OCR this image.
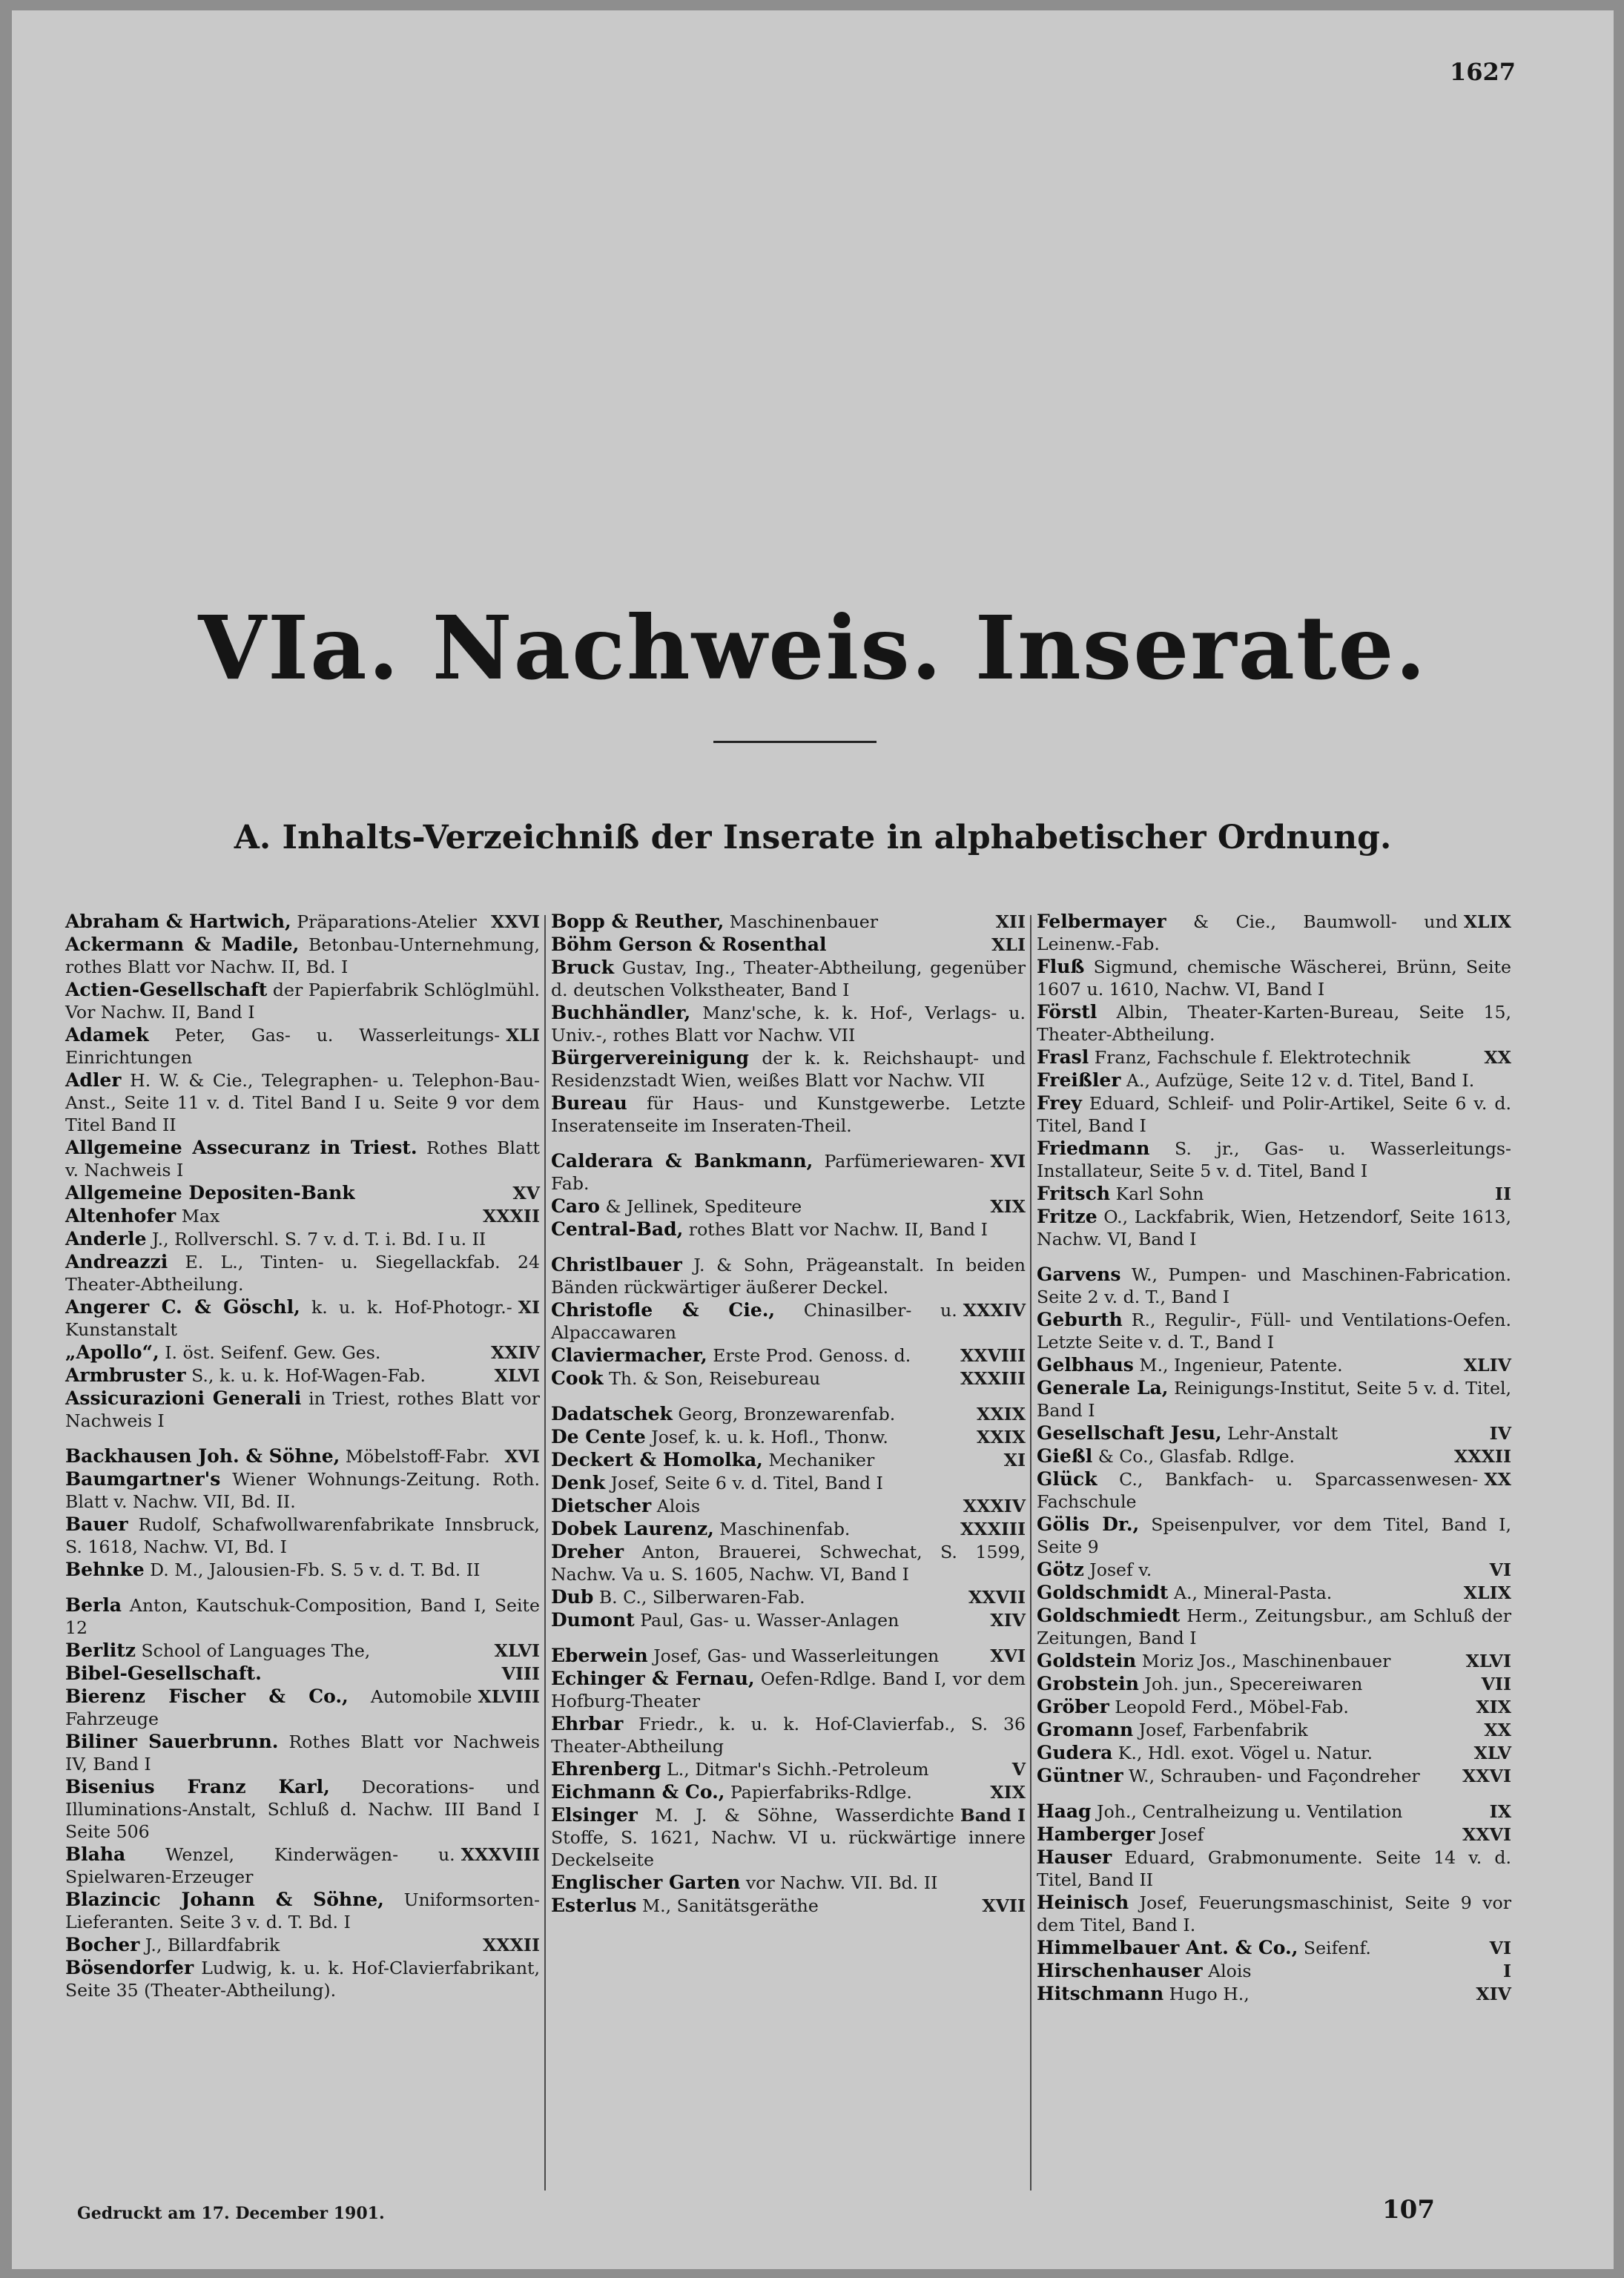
1627
VIa. Nachweis. Inserate.
A. Inhalts-Verzeichniß der Inserate in alphabetischer Ordnung.

XXVI
Abraham & Hartwich, Präparations-Atelier

Ackermann & Madile, Betonbau-Unternehmung, rothes Blatt vor Nachw. II, Bd. I

Actien-Gesellschaft der Papierfabrik Schlöglmühl. Vor Nachw. II, Band I

XLI
Adamek Peter, Gas- u. Wasserleitungs-Einrichtungen

Adler H. W. & Cie., Telegraphen- u. Telephon-Bau-Anst., Seite 11 v. d. Titel Band I u. Seite 9 vor dem Titel Band II

Allgemeine Assecuranz in Triest. Rothes Blatt v. Nachweis I

XV
Allgemeine Depositen-Bank

XXXII
Altenhofer Max

Anderle J., Rollverschl. S. 7 v. d. T. i. Bd. I u. II

Andreazzi E. L., Tinten- u. Siegellackfab. 24 Theater-Abtheilung.

XI
Angerer C. & Göschl, k. u. k. Hof-Photogr.-Kunstanstalt

XXIV
„Apollo“, I. öst. Seifenf. Gew. Ges.

XLVI
Armbruster S., k. u. k. Hof-Wagen-Fab.

Assicurazioni Generali in Triest, rothes Blatt vor Nachweis I

XVI
Backhausen Joh. & Söhne, Möbelstoff-Fabr.

Baumgartner's Wiener Wohnungs-Zeitung. Roth. Blatt v. Nachw. VII, Bd. II.

Bauer Rudolf, Schafwollwarenfabrikate Innsbruck, S. 1618, Nachw. VI, Bd. I

Behnke D. M., Jalousien-Fb. S. 5 v. d. T. Bd. II

Berla Anton, Kautschuk-Composition, Band I, Seite 12

XLVI
Berlitz School of Languages The,

VIII
Bibel-Gesellschaft.

XLVIII
Bierenz Fischer & Co., Automobile Fahrzeuge

Biliner Sauerbrunn. Rothes Blatt vor Nachweis IV, Band I

Bisenius Franz Karl, Decorations- und Illuminations-Anstalt, Schluß d. Nachw. III Band I Seite 506

XXXVIII
Blaha Wenzel, Kinderwägen- u. Spielwaren-Erzeuger

Blazincic Johann & Söhne, Uniformsorten-Lieferanten. Seite 3 v. d. T. Bd. I

XXXII
Bocher J., Billardfabrik

Bösendorfer Ludwig, k. u. k. Hof-Clavierfabrikant, Seite 35 (Theater-Abtheilung).

XII
Bopp & Reuther, Maschinenbauer

XLI
Böhm Gerson & Rosenthal

Bruck Gustav, Ing., Theater-Abtheilung, gegenüber d. deutschen Volkstheater, Band I

Buchhändler, Manz'sche, k. k. Hof-, Verlags- u. Univ.-, rothes Blatt vor Nachw. VII

Bürgervereinigung der k. k. Reichshaupt- und Residenzstadt Wien, weißes Blatt vor Nachw. VII

Bureau für Haus- und Kunstgewerbe. Letzte Inseratenseite im Inseraten-Theil.

XVI
Calderara & Bankmann, Parfümeriewaren-Fab.

XIX
Caro & Jellinek, Spediteure

Central-Bad, rothes Blatt vor Nachw. II, Band I

Christlbauer J. & Sohn, Prägeanstalt. In beiden Bänden rückwärtiger äußerer Deckel.

XXXIV
Christofle & Cie., Chinasilber- u. Alpaccawaren

XXVIII
Claviermacher, Erste Prod. Genoss. d.

XXXIII
Cook Th. & Son, Reisebureau

XXIX
Dadatschek Georg, Bronzewarenfab.

XXIX
De Cente Josef, k. u. k. Hofl., Thonw.

XI
Deckert & Homolka, Mechaniker

Denk Josef, Seite 6 v. d. Titel, Band I

XXXIV
Dietscher Alois

XXXIII
Dobek Laurenz, Maschinenfab.

Dreher Anton, Brauerei, Schwechat, S. 1599, Nachw. Va u. S. 1605, Nachw. VI, Band I

XXVII
Dub B. C., Silberwaren-Fab.

XIV
Dumont Paul, Gas- u. Wasser-Anlagen

XVI
Eberwein Josef, Gas- und Wasserleitungen

Echinger & Fernau, Oefen-Rdlge. Band I, vor dem Hofburg-Theater

Ehrbar Friedr., k. u. k. Hof-Clavierfab., S. 36 Theater-Abtheilung

V
Ehrenberg L., Ditmar's Sichh.-Petroleum

XIX
Eichmann & Co., Papierfabriks-Rdlge.

Band I
Elsinger M. J. & Söhne, Wasserdichte Stoffe, S. 1621, Nachw. VI u. rückwärtige innere Deckelseite

Englischer Garten vor Nachw. VII. Bd. II

XVII
Esterlus M., Sanitätsgeräthe

XLIX
Felbermayer & Cie., Baumwoll- und Leinenw.-Fab.

Fluß Sigmund, chemische Wäscherei, Brünn, Seite 1607 u. 1610, Nachw. VI, Band I

Förstl Albin, Theater-Karten-Bureau, Seite 15, Theater-Abtheilung.

XX
Frasl Franz, Fachschule f. Elektrotechnik

Freißler A., Aufzüge, Seite 12 v. d. Titel, Band I.

Frey Eduard, Schleif- und Polir-Artikel, Seite 6 v. d. Titel, Band I

Friedmann S. jr., Gas- u. Wasserleitungs-Installateur, Seite 5 v. d. Titel, Band I

II
Fritsch Karl Sohn

Fritze O., Lackfabrik, Wien, Hetzendorf, Seite 1613, Nachw. VI, Band I

Garvens W., Pumpen- und Maschinen-Fabrication. Seite 2 v. d. T., Band I

Geburth R., Regulir-, Füll- und Ventilations-Oefen. Letzte Seite v. d. T., Band I

XLIV
Gelbhaus M., Ingenieur, Patente.

Generale La, Reinigungs-Institut, Seite 5 v. d. Titel, Band I

IV
Gesellschaft Jesu, Lehr-Anstalt

XXXII
Gießl & Co., Glasfab. Rdlge.

XX
Glück C., Bankfach- u. Sparcassenwesen-Fachschule

Gölis Dr., Speisenpulver, vor dem Titel, Band I, Seite 9

VI
Götz Josef v.

XLIX
Goldschmidt A., Mineral-Pasta.

Goldschmiedt Herm., Zeitungsbur., am Schluß der Zeitungen, Band I

XLVI
Goldstein Moriz Jos., Maschinenbauer

VII
Grobstein Joh. jun., Specereiwaren

XIX
Gröber Leopold Ferd., Möbel-Fab.

XX
Gromann Josef, Farbenfabrik

XLV
Gudera K., Hdl. exot. Vögel u. Natur.

XXVI
Güntner W., Schrauben- und Façondreher

IX
Haag Joh., Centralheizung u. Ventilation

XXVI
Hamberger Josef

Hauser Eduard, Grabmonumente. Seite 14 v. d. Titel, Band II

Heinisch Josef, Feuerungsmaschinist, Seite 9 vor dem Titel, Band I.

VI
Himmelbauer Ant. & Co., Seifenf.

I
Hirschenhauser Alois

XIV
Hitschmann Hugo H.,

Gedruckt am 17. December 1901.	107
